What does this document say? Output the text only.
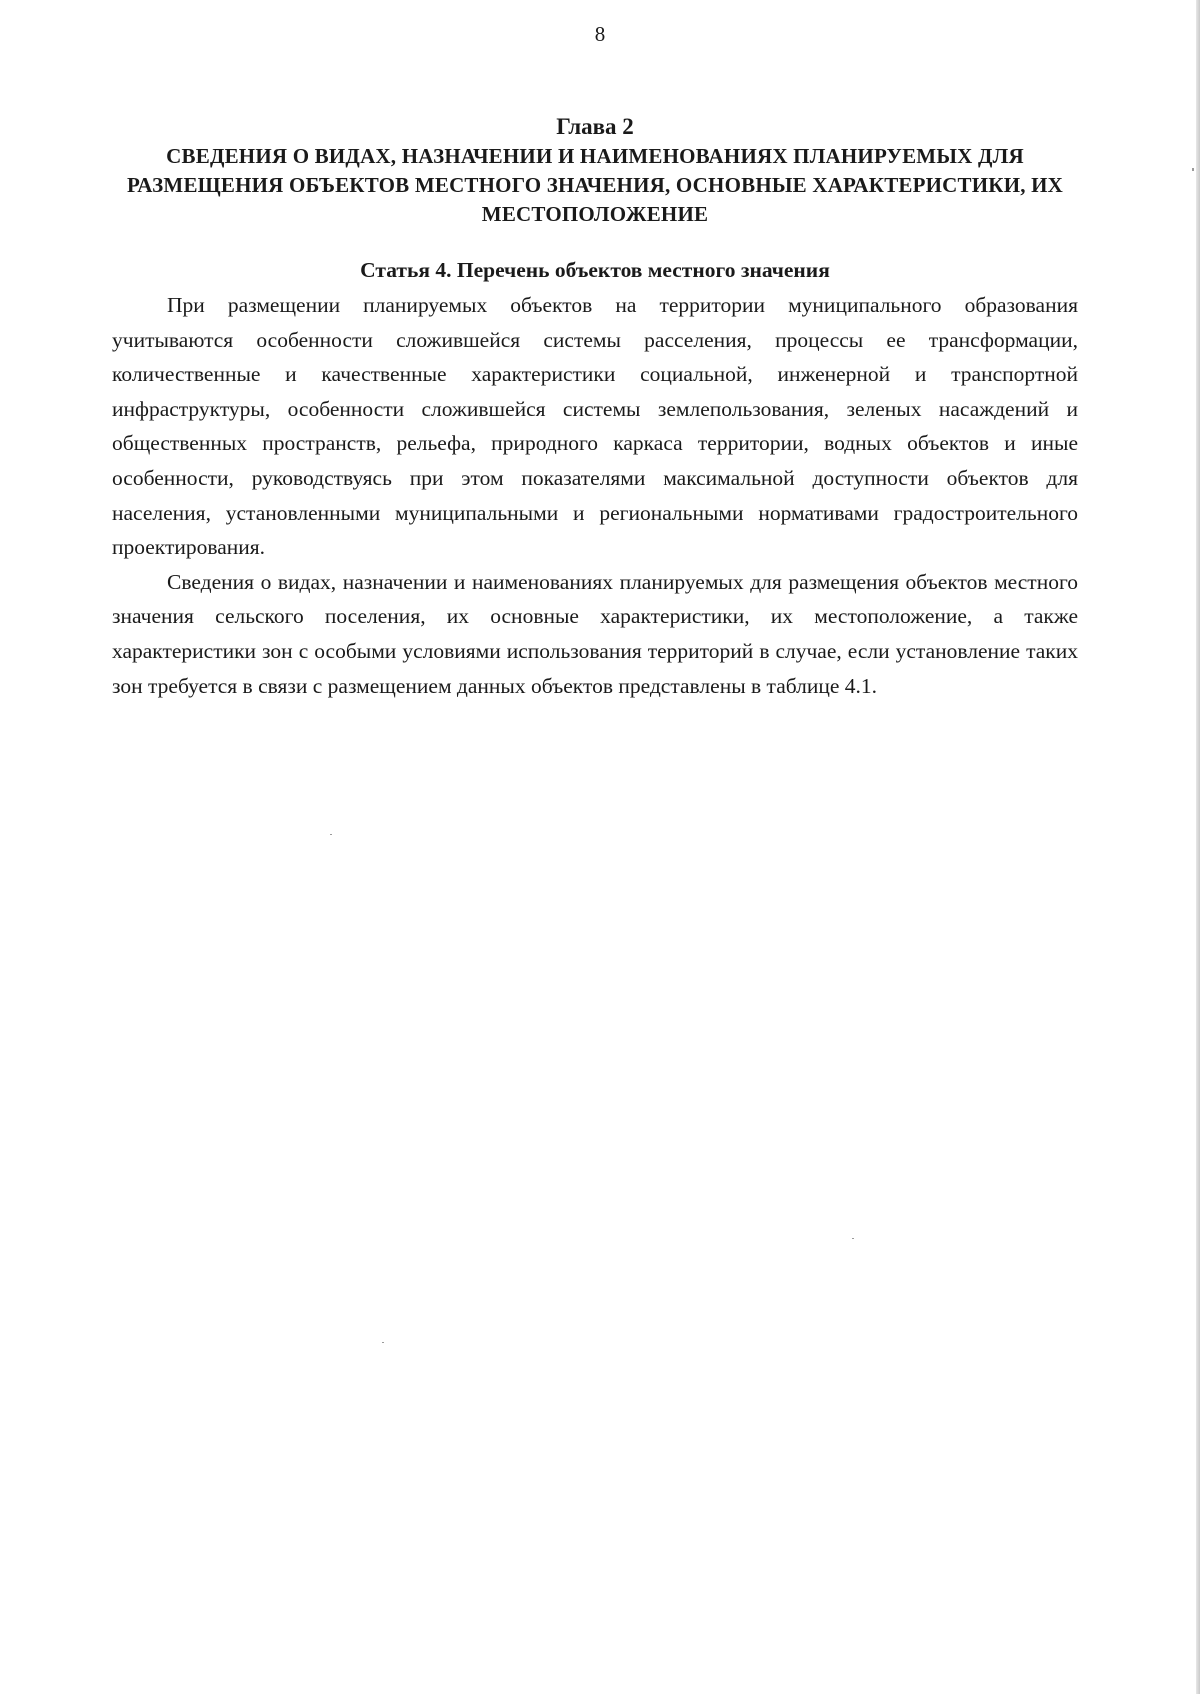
8
Глава 2
СВЕДЕНИЯ О ВИДАХ, НАЗНАЧЕНИИ И НАИМЕНОВАНИЯХ ПЛАНИРУЕМЫХ ДЛЯ РАЗМЕЩЕНИЯ ОБЪЕКТОВ МЕСТНОГО ЗНАЧЕНИЯ, ОСНОВНЫЕ ХАРАКТЕРИСТИКИ, ИХ МЕСТОПОЛОЖЕНИЕ
Статья 4. Перечень объектов местного значения

При размещении планируемых объектов на территории муниципального образования учитываются особенности сложившейся системы расселения, процессы ее трансформации, количественные и качественные характеристики социальной, инженерной и транспортной инфраструктуры, особенности сложившейся системы землепользования, зеленых насаждений и общественных пространств, рельефа, природного каркаса территории, водных объектов и иные особенности, руководствуясь при этом показателями максимальной доступности объектов для населения, установленными муниципальными и региональными нормативами градостроительного проектирования.

Сведения о видах, назначении и наименованиях планируемых для размещения объектов местного значения сельского поселения, их основные характеристики, их местоположение, а также характеристики зон с особыми условиями использования территорий в случае, если установление таких зон требуется в связи с размещением данных объектов представлены в таблице 4.1.
